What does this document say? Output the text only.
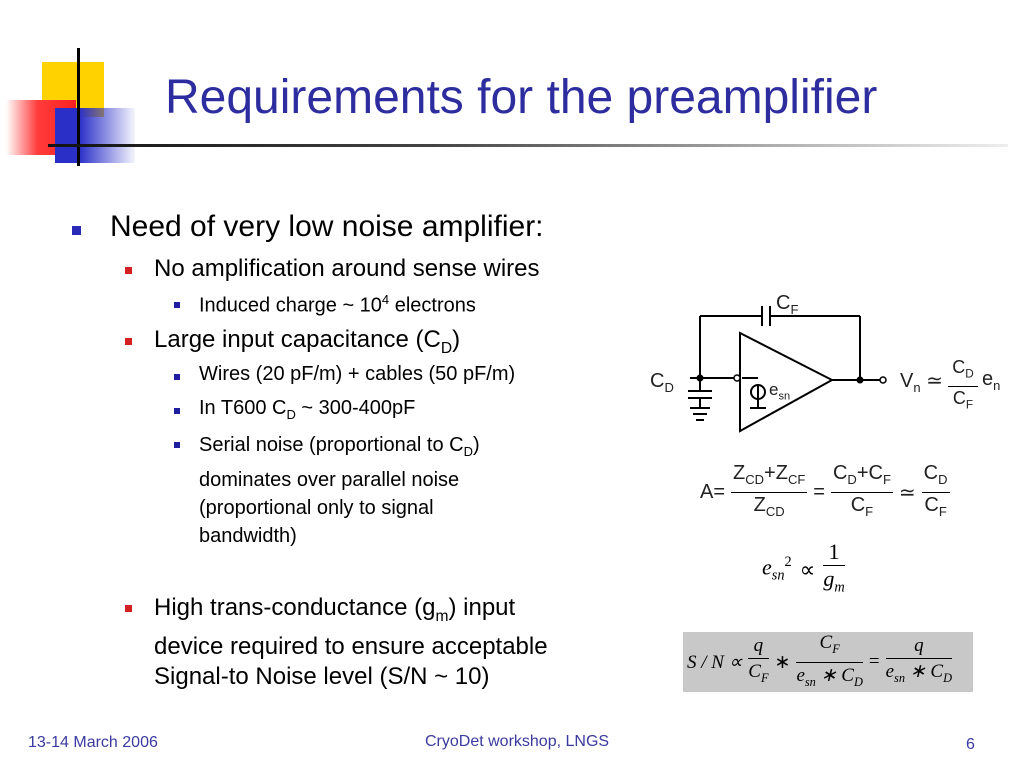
Requirements for the preamplifier
Need of very low noise amplifier:
No amplification around sense wires
Induced charge ~ $10^4$ electrons
Large input capacitance $(C_D)$
Wires (20 pF/m) + cables (50 pF/m)
In T600 $C_D$ ~ 300-400pF
Serial noise (proportional to $C_D$)
dominates over parallel noise
(proportional only to signal
bandwidth)
High trans-conductance $(g_m)$ input
device required to ensure acceptable
Signal-to Noise level (S/N ~ 10)
$C_F$
$C_D$	$e_{sn}$
$V_n$ ≃ $\frac{C_D}{C_F} e_n$
A=
$Z_{CD}+Z_{CF}$
$Z_{CD}$
= $\frac{C_D+C_F}{C_F}$ ≃ $\frac{C_D}{C_F}$
$e_{sn}^2 \propto \frac{1}{g_m}$
$S / N \propto \frac{q}{C_F}$ ∗
$C_F$
$e_{sn}$ ∗ $C_D$
=
q
$e_{sn}$ ∗ $C_D$
13-14 March 2006	CryoDet workshop, LNGS	6
